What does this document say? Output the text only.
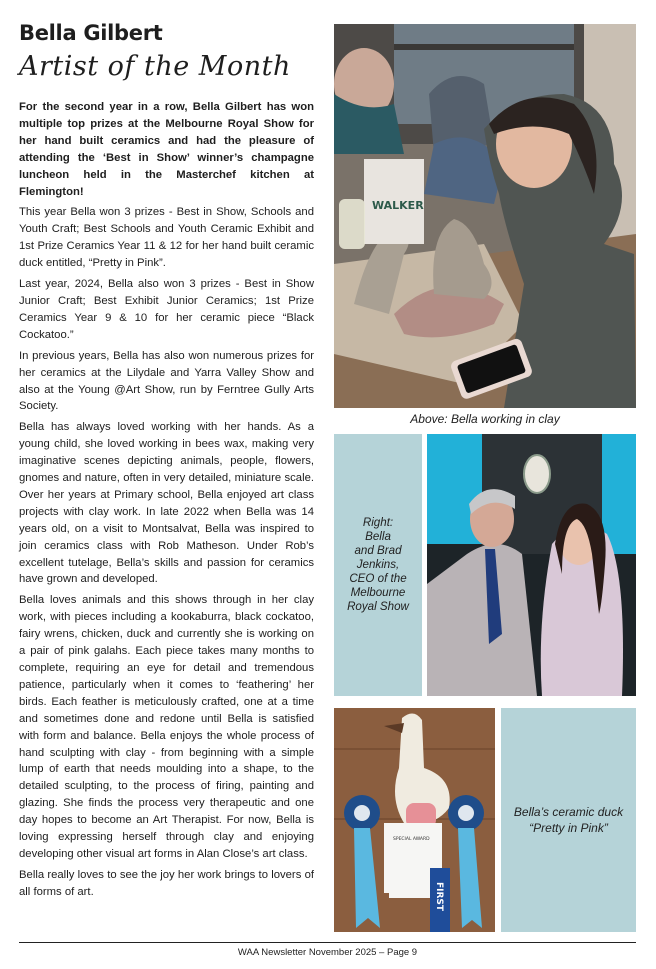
Bella Gilbert
Artist of the Month

For the second year in a row, Bella Gilbert has won multiple top prizes at the Melbourne Royal Show for her hand built ceramics and had the pleasure of attending the ‘Best in Show’ winner’s champagne luncheon held in the Masterchef kitchen at Flemington!

This year Bella won 3 prizes - Best in Show, Schools and Youth Craft; Best Schools and Youth Ceramic Exhibit and 1st Prize Ceramics Year 11 & 12 for her hand built ceramic duck entitled, “Pretty in Pink”.

Last year, 2024, Bella also won 3 prizes - Best in Show Junior Craft; Best Exhibit Junior Ceramics; 1st Prize Ceramics Year 9 & 10 for her ceramic piece “Black Cockatoo.”

In previous years, Bella has also won numerous prizes for her ceramics at the Lilydale and Yarra Valley Show and also at the Young @Art Show, run by Ferntree Gully Arts Society.

Bella has always loved working with her hands. As a young child, she loved working in bees wax, making very imaginative scenes depicting animals, people, flowers, gnomes and nature, often in very detailed, miniature scale. Over her years at Primary school, Bella enjoyed art class projects with clay work. In late 2022 when Bella was 14 years old, on a visit to Montsalvat, Bella was inspired to join ceramics class with Rob Matheson. Under Rob’s excellent tutelage, Bella’s skills and passion for ceramics have grown and developed.

Bella loves animals and this shows through in her clay work, with pieces including a kookaburra, black cockatoo, fairy wrens, chicken, duck and currently she is working on a pair of pink galahs. Each piece takes many months to complete, requiring an eye for detail and tremendous patience, particularly when it comes to ‘feathering’ her birds. Each feather is meticulously crafted, one at a time and sometimes done and redone until Bella is satisfied with form and balance. Bella enjoys the whole process of hand sculpting with clay - from beginning with a simple lump of earth that needs moulding into a shape, to the detailed sculpting, to the process of firing, painting and glazing. She finds the process very therapeutic and one day hopes to become an Art Therapist. For now, Bella is loving expressing herself through clay and enjoying developing other visual art forms in Alan Close’s art class.

Bella really loves to see the joy her work brings to lovers of all forms of art.

WALKER
Above: Bella working in clay
Right:
Bella
and Brad
Jenkins,
CEO of the
Melbourne
Royal Show
FIRST
SPECIAL AWARD
Bella’s ceramic duck
“Pretty in Pink”
WAA Newsletter November 2025 – Page 9
